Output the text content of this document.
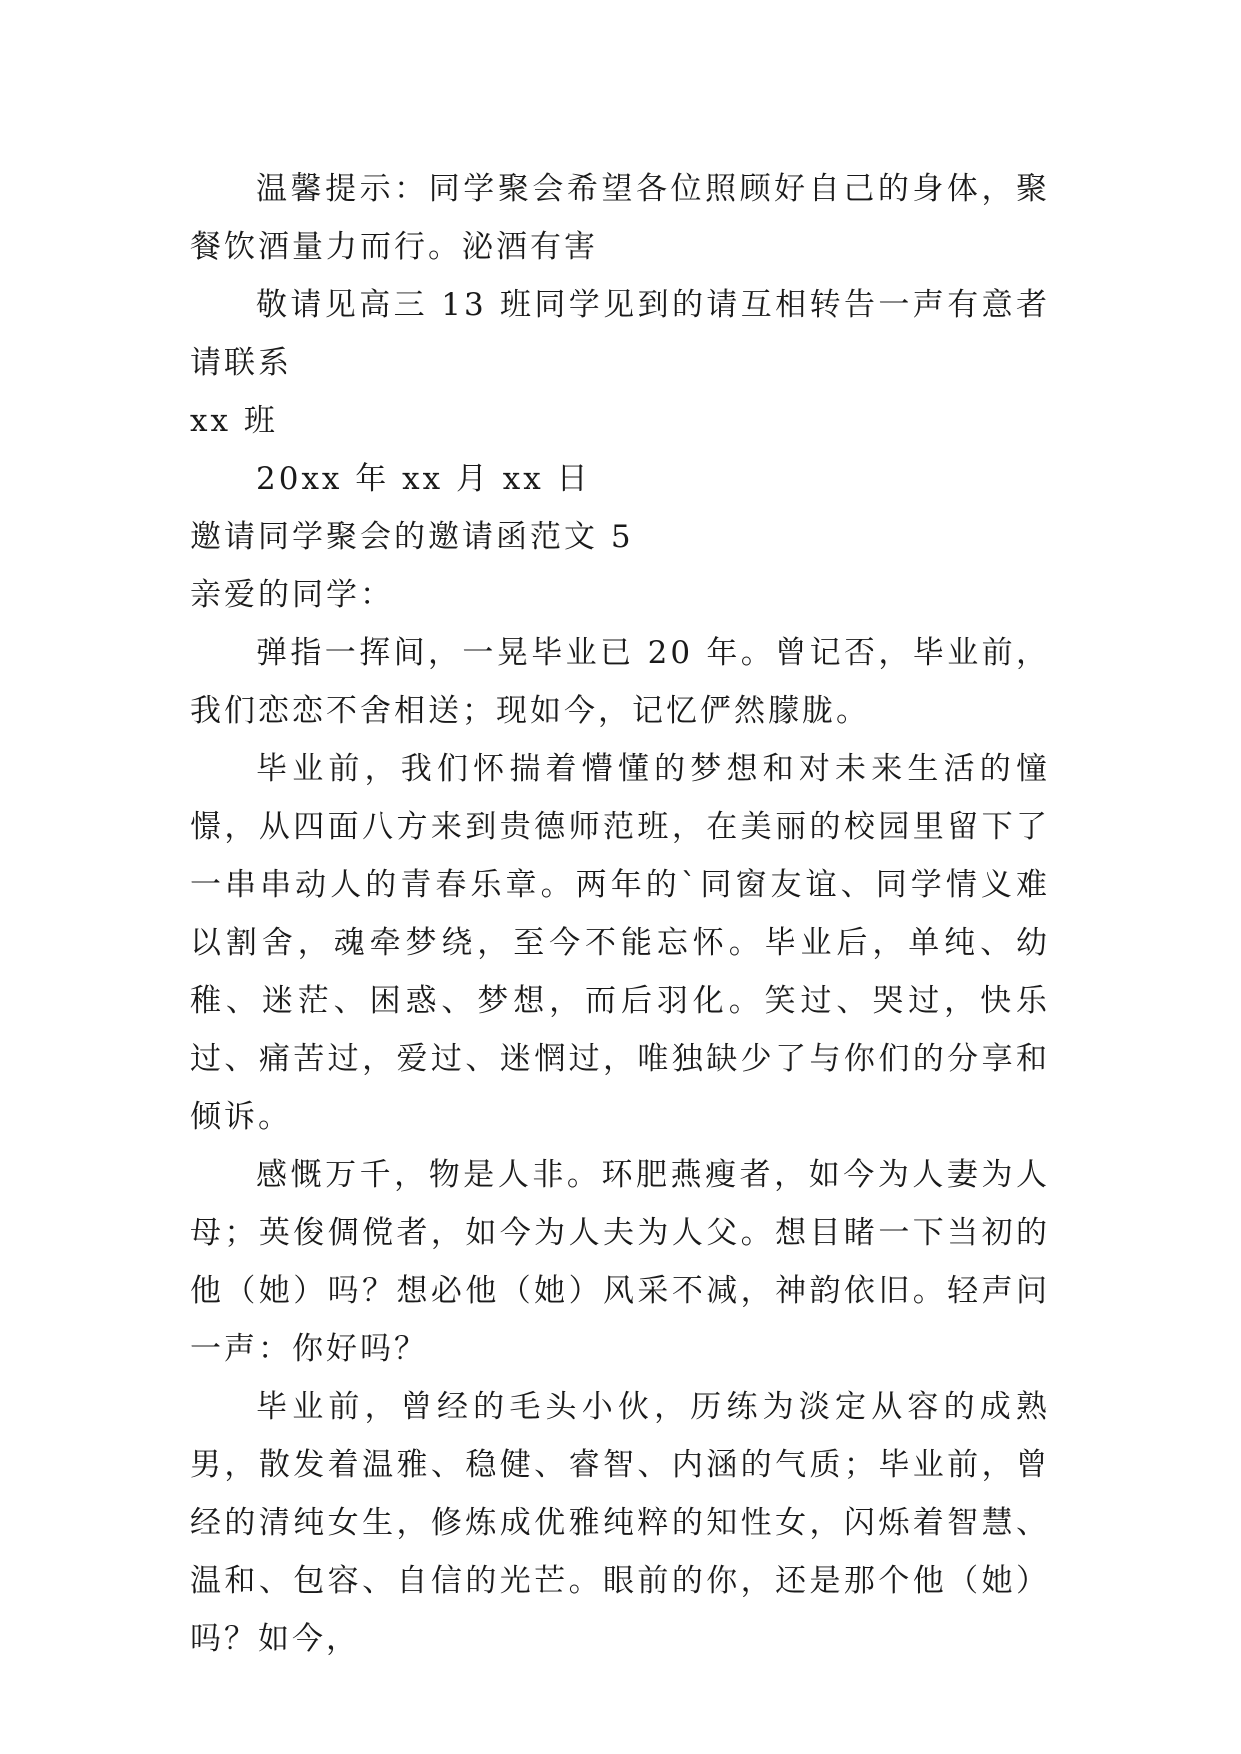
温馨提示：同学聚会希望各位照顾好自己的身体，聚餐饮酒量力而行。泌酒有害

敬请见高三 13 班同学见到的请互相转告一声有意者请联系

xx 班

20xx 年 xx 月 xx 日

邀请同学聚会的邀请函范文 5

亲爱的同学：

弹指一挥间，一晃毕业已 20 年。曾记否，毕业前，我们恋恋不舍相送；现如今，记忆俨然朦胧。

毕业前，我们怀揣着懵懂的梦想和对未来生活的憧憬，从四面八方来到贵德师范班，在美丽的校园里留下了一串串动人的青春乐章。两年的`同窗友谊、同学情义难以割舍，魂牵梦绕，至今不能忘怀。毕业后，单纯、幼稚、迷茫、困惑、梦想，而后羽化。笑过、哭过，快乐过、痛苦过，爱过、迷惘过，唯独缺少了与你们的分享和倾诉。

感慨万千，物是人非。环肥燕瘦者，如今为人妻为人母；英俊倜傥者，如今为人夫为人父。想目睹一下当初的他（她）吗？想必他（她）风采不减，神韵依旧。轻声问一声：你好吗？

毕业前，曾经的毛头小伙，历练为淡定从容的成熟男，散发着温雅、稳健、睿智、内涵的气质；毕业前，曾经的清纯女生，修炼成优雅纯粹的知性女，闪烁着智慧、温和、包容、自信的光芒。眼前的你，还是那个他（她）吗？如今，
